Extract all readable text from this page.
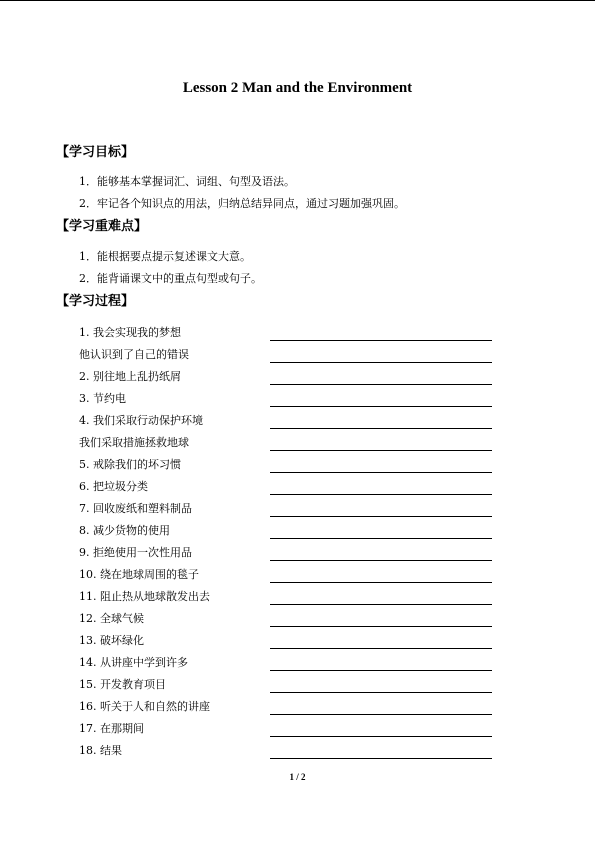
Lesson 2 Man and the Environment
【学习目标】
1．能够基本掌握词汇、词组、句型及语法。
2．牢记各个知识点的用法，归纳总结异同点，通过习题加强巩固。
【学习重难点】
1．能根据要点提示复述课文大意。
2．能背诵课文中的重点句型或句子。
【学习过程】
1. 我会实现我的梦想
他认识到了自己的错误
2. 别往地上乱扔纸屑
3. 节约电
4. 我们采取行动保护环境
我们采取措施拯救地球
5. 戒除我们的坏习惯
6. 把垃圾分类
7. 回收废纸和塑料制品
8. 减少货物的使用
9. 拒绝使用一次性用品
10. 绕在地球周围的毯子
11. 阻止热从地球散发出去
12. 全球气候
13. 破坏绿化
14. 从讲座中学到许多
15. 开发教育项目
16. 听关于人和自然的讲座
17. 在那期间
18. 结果
1 / 2
